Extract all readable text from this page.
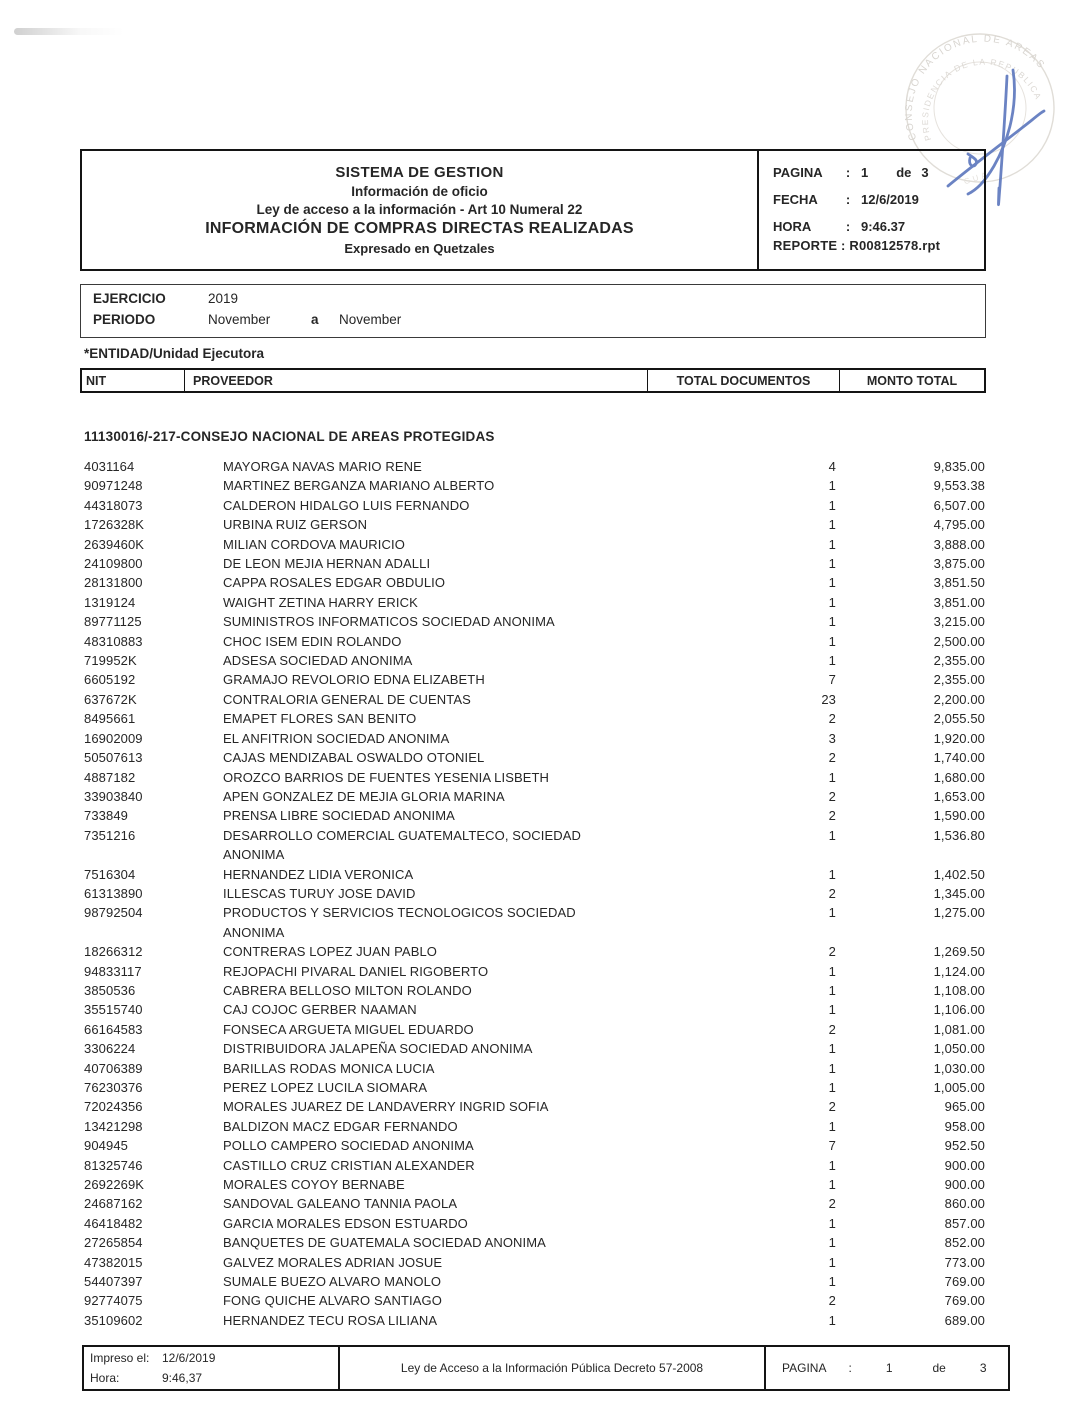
CONSEJO NACIONAL DE AREAS
PRESIDENCIA DE LA REPUBLICA
GUA
SISTEMA DE GESTION
Información de oficio
Ley de acceso a la información - Art 10 Numeral 22
INFORMACIÓN DE COMPRAS DIRECTAS REALIZADAS
Expresado en Quetzales
PAGINA	: 1 de 3
FECHA	: 12/6/2019
HORA	: 9:46.37
REPORTE :
R00812578.rpt
EJERCICIO	2019
PERIODO	November	a	November
*ENTIDAD/Unidad Ejecutora
NIT	PROVEEDOR	TOTAL DOCUMENTOS	MONTO TOTAL
11130016/-217-CONSEJO NACIONAL DE AREAS PROTEGIDAS
4031164	MAYORGA NAVAS MARIO RENE	4	9,835.00
90971248	MARTINEZ BERGANZA MARIANO ALBERTO	1	9,553.38
44318073	CALDERON HIDALGO LUIS FERNANDO	1	6,507.00
1726328K	URBINA RUIZ GERSON	1	4,795.00
2639460K	MILIAN CORDOVA MAURICIO	1	3,888.00
24109800	DE LEON MEJIA HERNAN ADALLI	1	3,875.00
28131800	CAPPA ROSALES EDGAR OBDULIO	1	3,851.50
1319124	WAIGHT ZETINA HARRY ERICK	1	3,851.00
89771125	SUMINISTROS INFORMATICOS SOCIEDAD ANONIMA	1	3,215.00
48310883	CHOC ISEM EDIN ROLANDO	1	2,500.00
719952K	ADSESA SOCIEDAD ANONIMA	1	2,355.00
6605192	GRAMAJO REVOLORIO EDNA ELIZABETH	7	2,355.00
637672K	CONTRALORIA GENERAL DE CUENTAS	23	2,200.00
8495661	EMAPET FLORES SAN BENITO	2	2,055.50
16902009	EL ANFITRION SOCIEDAD ANONIMA	3	1,920.00
50507613	CAJAS MENDIZABAL OSWALDO OTONIEL	2	1,740.00
4887182	OROZCO BARRIOS DE FUENTES YESENIA LISBETH	1	1,680.00
33903840	APEN GONZALEZ DE MEJIA GLORIA MARINA	2	1,653.00
733849	PRENSA LIBRE SOCIEDAD ANONIMA	2	1,590.00
7351216	DESARROLLO COMERCIAL GUATEMALTECO, SOCIEDAD ANONIMA
1	1,536.80
7516304	HERNANDEZ LIDIA VERONICA	1	1,402.50
61313890	ILLESCAS TURUY JOSE DAVID	2	1,345.00
98792504	PRODUCTOS Y SERVICIOS TECNOLOGICOS SOCIEDAD ANONIMA
1	1,275.00
18266312	CONTRERAS LOPEZ JUAN PABLO	2	1,269.50
94833117	REJOPACHI PIVARAL DANIEL RIGOBERTO	1	1,124.00
3850536	CABRERA BELLOSO MILTON ROLANDO	1	1,108.00
35515740	CAJ COJOC GERBER NAAMAN	1	1,106.00
66164583	FONSECA ARGUETA MIGUEL EDUARDO	2	1,081.00
3306224	DISTRIBUIDORA JALAPEÑA SOCIEDAD ANONIMA	1	1,050.00
40706389	BARILLAS RODAS MONICA LUCIA	1	1,030.00
76230376	PEREZ LOPEZ LUCILA SIOMARA	1	1,005.00
72024356	MORALES JUAREZ DE LANDAVERRY INGRID SOFIA	2	965.00
13421298	BALDIZON MACZ EDGAR FERNANDO	1	958.00
904945	POLLO CAMPERO SOCIEDAD ANONIMA	7	952.50
81325746	CASTILLO CRUZ CRISTIAN ALEXANDER	1	900.00
2692269K	MORALES COYOY BERNABE	1	900.00
24687162	SANDOVAL GALEANO TANNIA PAOLA	2	860.00
46418482	GARCIA MORALES EDSON ESTUARDO	1	857.00
27265854	BANQUETES DE GUATEMALA SOCIEDAD ANONIMA	1	852.00
47382015	GALVEZ MORALES ADRIAN JOSUE	1	773.00
54407397	SUMALE BUEZO ALVARO MANOLO	1	769.00
92774075	FONG QUICHE ALVARO SANTIAGO	2	769.00
35109602	HERNANDEZ TECU ROSA LILIANA	1	689.00
Impreso el:	12/6/2019
Hora:	9:46,37
Ley de Acceso a la Información Pública Decreto 57-2008	PAGINA :	1	de	3
